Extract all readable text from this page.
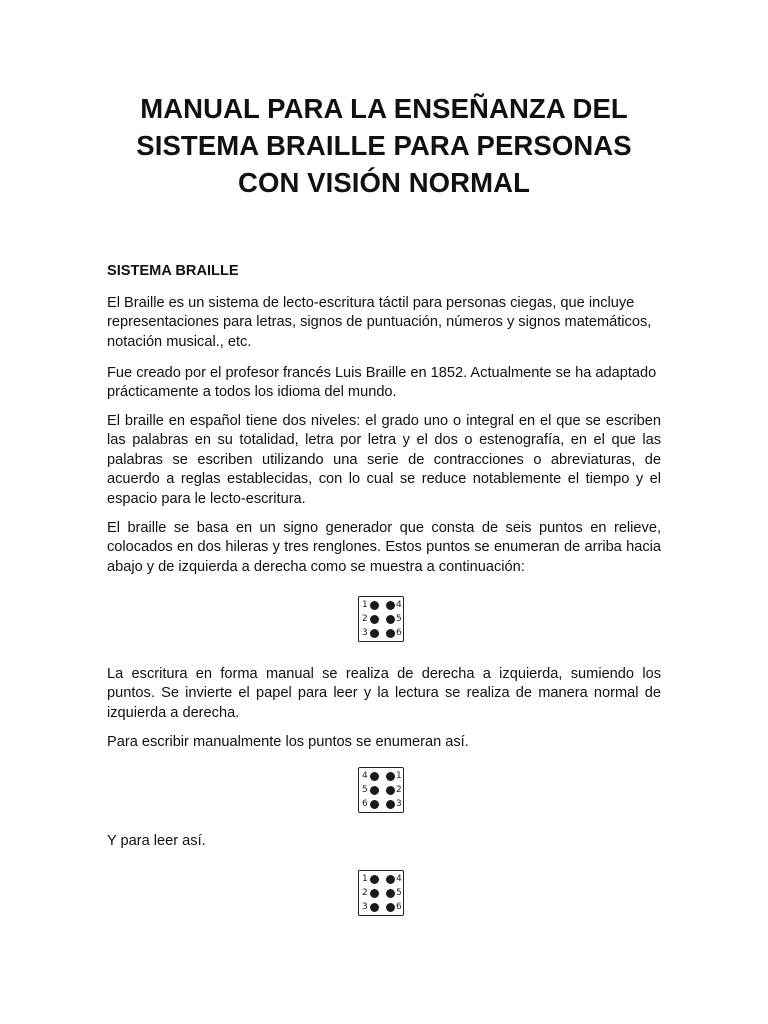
MANUAL PARA LA ENSEÑANZA DEL
SISTEMA BRAILLE PARA PERSONAS
CON VISIÓN NORMAL
SISTEMA BRAILLE

El Braille es un sistema de lecto-escritura táctil para personas ciegas, que incluye representaciones para letras, signos de puntuación, números y signos matemáticos, notación musical., etc.

Fue creado por el profesor francés Luis Braille en 1852. Actualmente se ha adaptado prácticamente a todos los idioma del mundo.

El braille en español tiene dos niveles: el grado uno o integral en el que se escriben las palabras en su totalidad, letra por letra y el dos o estenografía, en el que las palabras se escriben utilizando una serie de contracciones o abreviaturas, de acuerdo a reglas establecidas, con lo cual se reduce notablemente el tiempo y el espacio para le lecto-escritura.

El braille se basa en un signo generador que consta de seis puntos en relieve, colocados en dos hileras y tres renglones. Estos puntos se enumeran de arriba hacia abajo y de izquierda a derecha como se muestra a continuación:

1
2
3
4
5
6

La escritura en forma manual se realiza de derecha a izquierda, sumiendo los puntos. Se invierte el papel para leer y la lectura se realiza de manera normal de izquierda a derecha.

Para escribir manualmente los puntos se enumeran así.

4
5
6
1
2
3

Y para leer así.

1
2
3
4
5
6
